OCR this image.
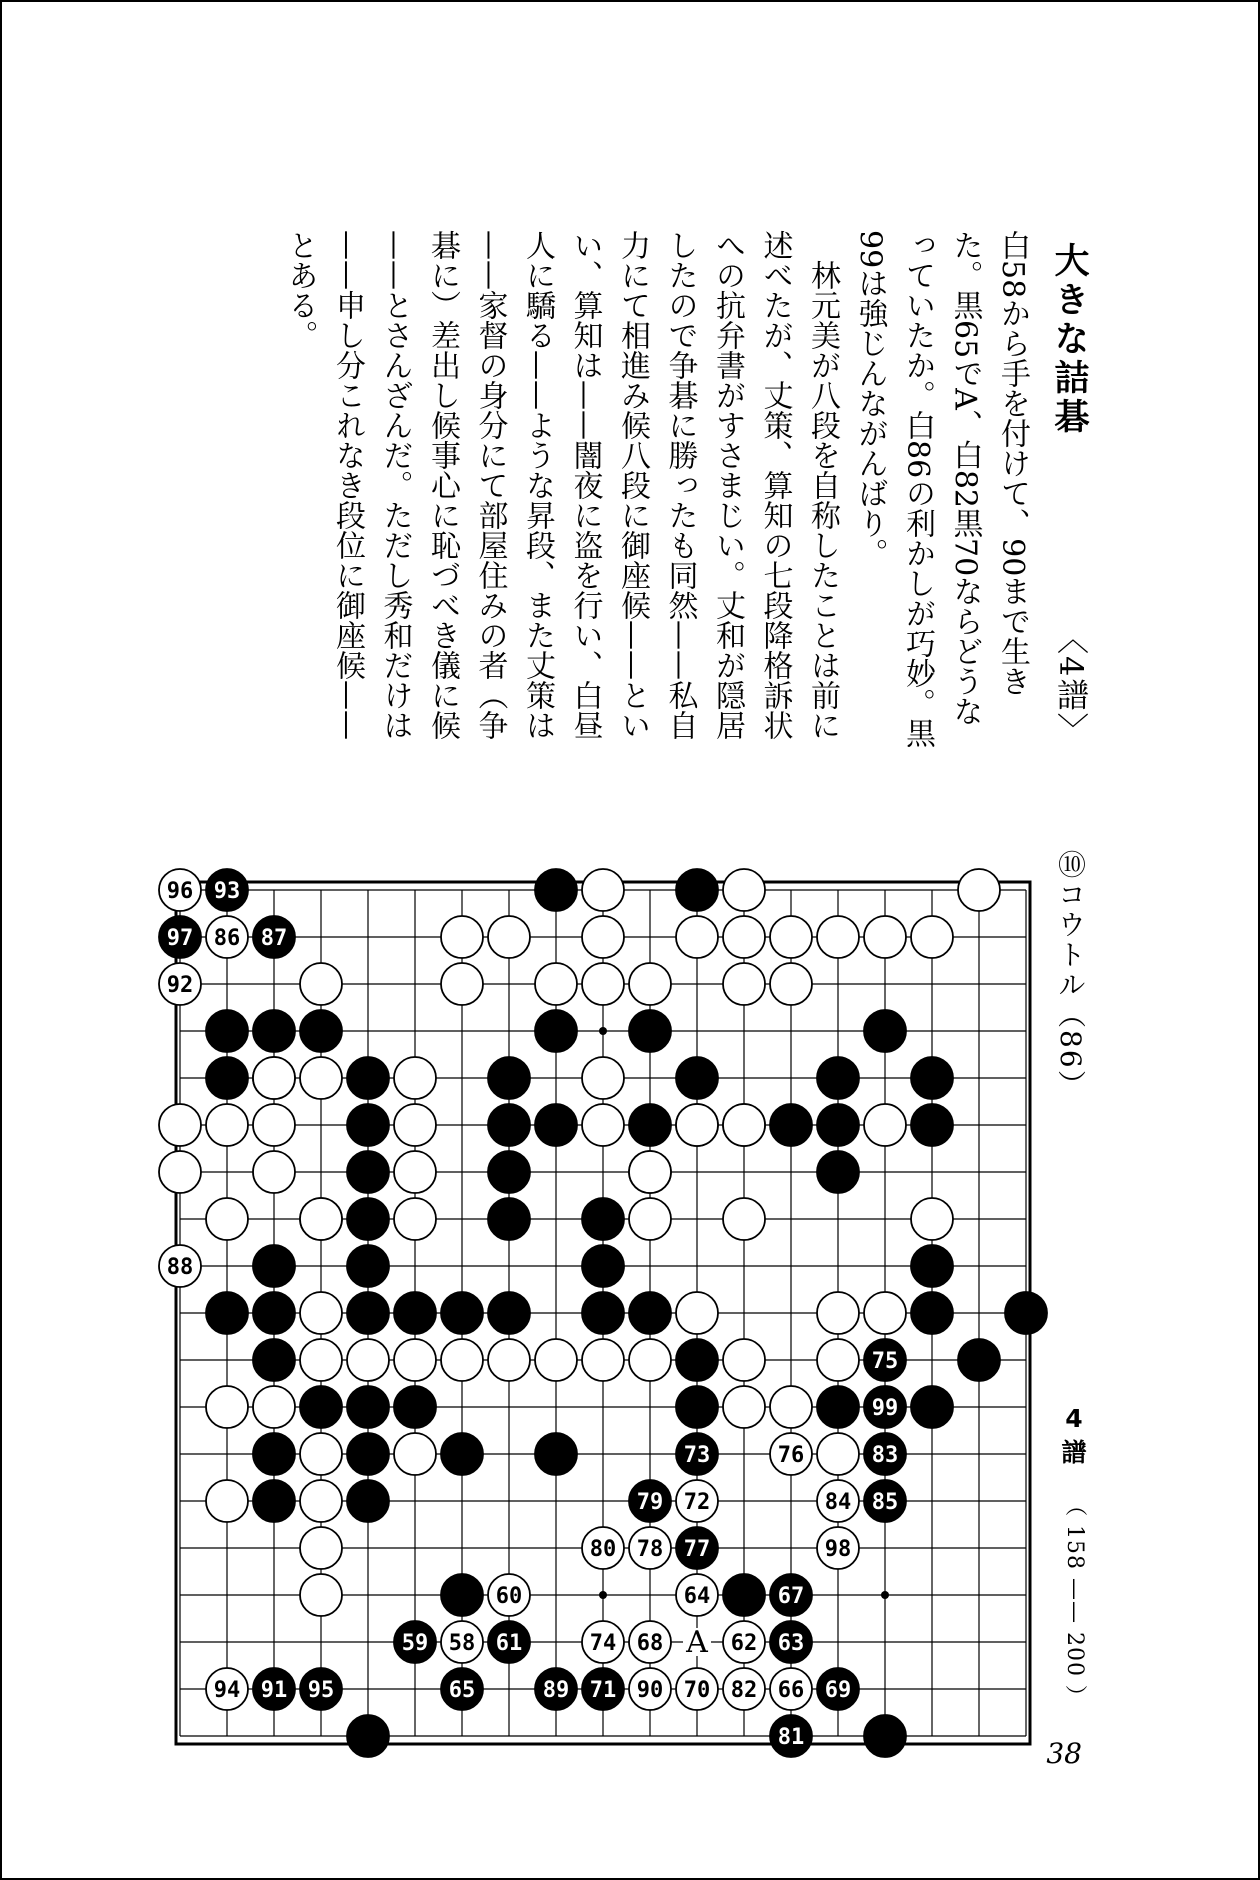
大きな詰碁
〈4譜〉

白58から手を付けて、90まで生きた。黒65でA、白82黒70ならどうなっていたか。白86の利かしが巧妙。黒99は強じんながんばり。

林元美が八段を自称したことは前に述べたが、丈策、算知の七段降格訴状への抗弁書がすさまじい。丈和が隠居したので争碁に勝ったも同然——私自力にて相進み候八段に御座候——といい、算知は——闇夜に盗を行い、白昼人に驕る——ような昇段、また丈策は——家督の身分にて部屋住みの者（争碁に）差出し候事心に恥づべき儀に候——とさんざんだ。ただし秀和だけは——申し分これなき段位に御座候——とある。

⑩コウトル（86）
4
譜
（ 158 —— 200 ）
38
93
96
97 86 87
92
88
75
99
73	76	83
79 72	84 85
80 78 77	98
60	64	67
59 58 61	74 68	62 63
94 91 95	65	89 71 90 70 82 66 69
81
A
